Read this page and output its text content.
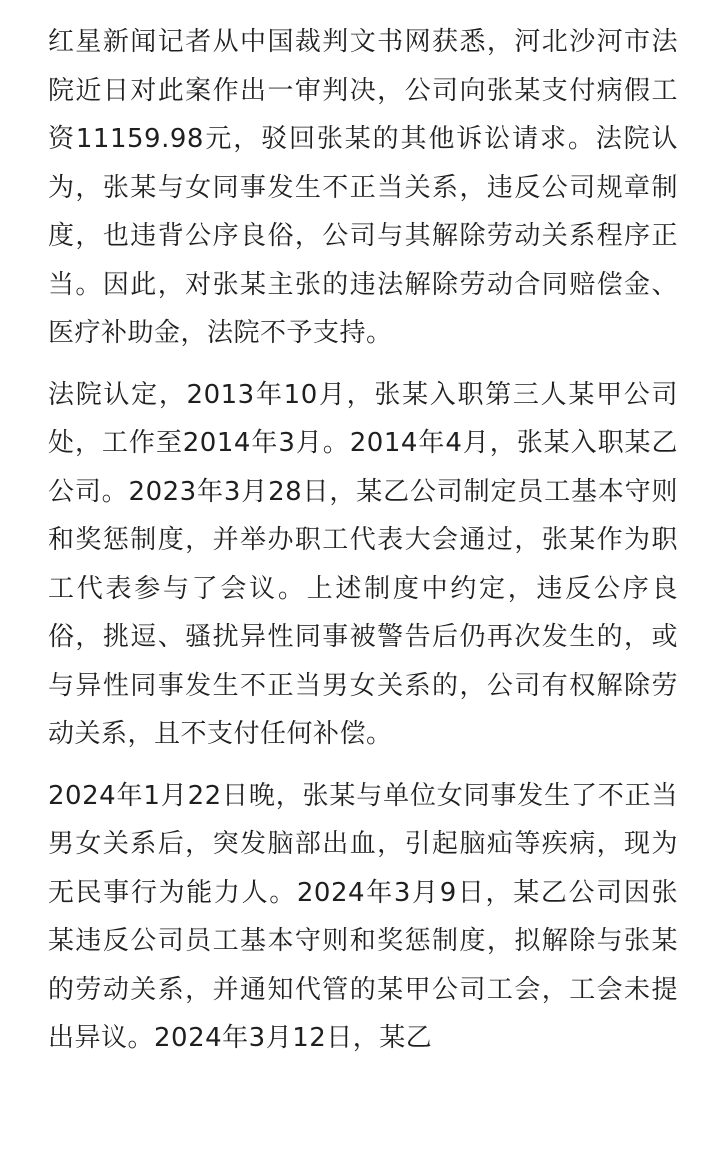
红星新闻记者从中国裁判文书网获悉，河北沙河市法院近日对此案作出一审判决，公司向张某支付病假工资11159.98元，驳回张某的其他诉讼请求。法院认为，张某与女同事发生不正当关系，违反公司规章制度，也违背公序良俗，公司与其解除劳动关系程序正当。因此，对张某主张的违法解除劳动合同赔偿金、医疗补助金，法院不予支持。

法院认定，2013年10月，张某入职第三人某甲公司处，工作至2014年3月。2014年4月，张某入职某乙公司。2023年3月28日，某乙公司制定员工基本守则和奖惩制度，并举办职工代表大会通过，张某作为职工代表参与了会议。上述制度中约定，违反公序良俗，挑逗、骚扰异性同事被警告后仍再次发生的，或与异性同事发生不正当男女关系的，公司有权解除劳动关系，且不支付任何补偿。

2024年1月22日晚，张某与单位女同事发生了不正当男女关系后，突发脑部出血，引起脑疝等疾病，现为无民事行为能力人。2024年3月9日，某乙公司因张某违反公司员工基本守则和奖惩制度，拟解除与张某的劳动关系，并通知代管的某甲公司工会，工会未提出异议。2024年3月12日，某乙
